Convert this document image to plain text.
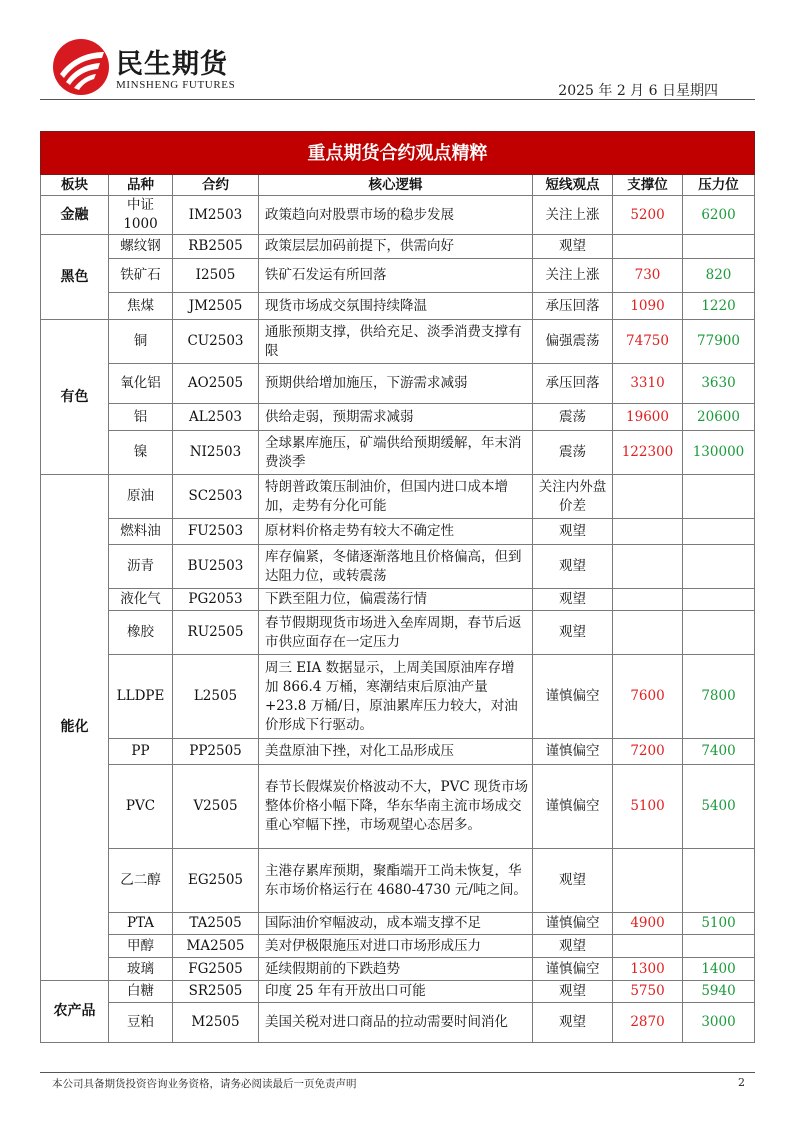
民生期货
MINSHENG FUTURES	2025 年 2 月 6 日星期四
重点期货合约观点精粹						
板块	品种	合约	核心逻辑	短线观点	支撑位	压力位
金融	中证 1000	IM2503	政策趋向对股票市场的稳步发展	关注上涨	5200	6200
黑色	螺纹钢	RB2505	政策层层加码前提下，供需向好	观望		
	铁矿石	I2505	铁矿石发运有所回落	关注上涨	730	820
	焦煤	JM2505	现货市场成交氛围持续降温	承压回落	1090	1220
有色	铜	CU2503	通胀预期支撑，供给充足、淡季消费支撑有限	偏强震荡	74750	77900
	氧化铝	AO2505	预期供给增加施压，下游需求减弱	承压回落	3310	3630
	铝	AL2503	供给走弱，预期需求减弱	震荡	19600	20600
	镍	NI2503	全球累库施压，矿端供给预期缓解，年末消费淡季	震荡	122300	130000
能化	原油	SC2503	特朗普政策压制油价，但国内进口成本增加，走势有分化可能	关注内外盘价差		
	燃料油	FU2503	原材料价格走势有较大不确定性	观望		
	沥青	BU2503	库存偏紧，冬储逐渐落地且价格偏高，但到达阻力位，或转震荡	观望		
	液化气	PG2053	下跌至阻力位，偏震荡行情	观望		
	橡胶	RU2505	春节假期现货市场进入垒库周期，春节后返市供应面存在一定压力	观望		
	LLDPE	L2505	周三 EIA 数据显示，上周美国原油库存增加 866.4 万桶，寒潮结束后原油产量+23.8 万桶/日，原油累库压力较大，对油价形成下行驱动。	谨慎偏空	7600	7800
	PP	PP2505	美盘原油下挫，对化工品形成压	谨慎偏空	7200	7400
	PVC	V2505	春节长假煤炭价格波动不大，PVC 现货市场整体价格小幅下降，华东华南主流市场成交重心窄幅下挫，市场观望心态居多。	谨慎偏空	5100	5400
	乙二醇	EG2505	主港存累库预期，聚酯端开工尚未恢复，华东市场价格运行在 4680-4730 元/吨之间。	观望		
	PTA	TA2505	国际油价窄幅波动，成本端支撑不足	谨慎偏空	4900	5100
	甲醇	MA2505	美对伊极限施压对进口市场形成压力	观望		
	玻璃	FG2505	延续假期前的下跌趋势	谨慎偏空	1300	1400
农产品	白糖	SR2505	印度 25 年有开放出口可能	观望	5750	5940
	豆粕	M2505	美国关税对进口商品的拉动需要时间消化	观望	2870	3000
本公司具备期货投资咨询业务资格，请务必阅读最后一页免责声明	2
